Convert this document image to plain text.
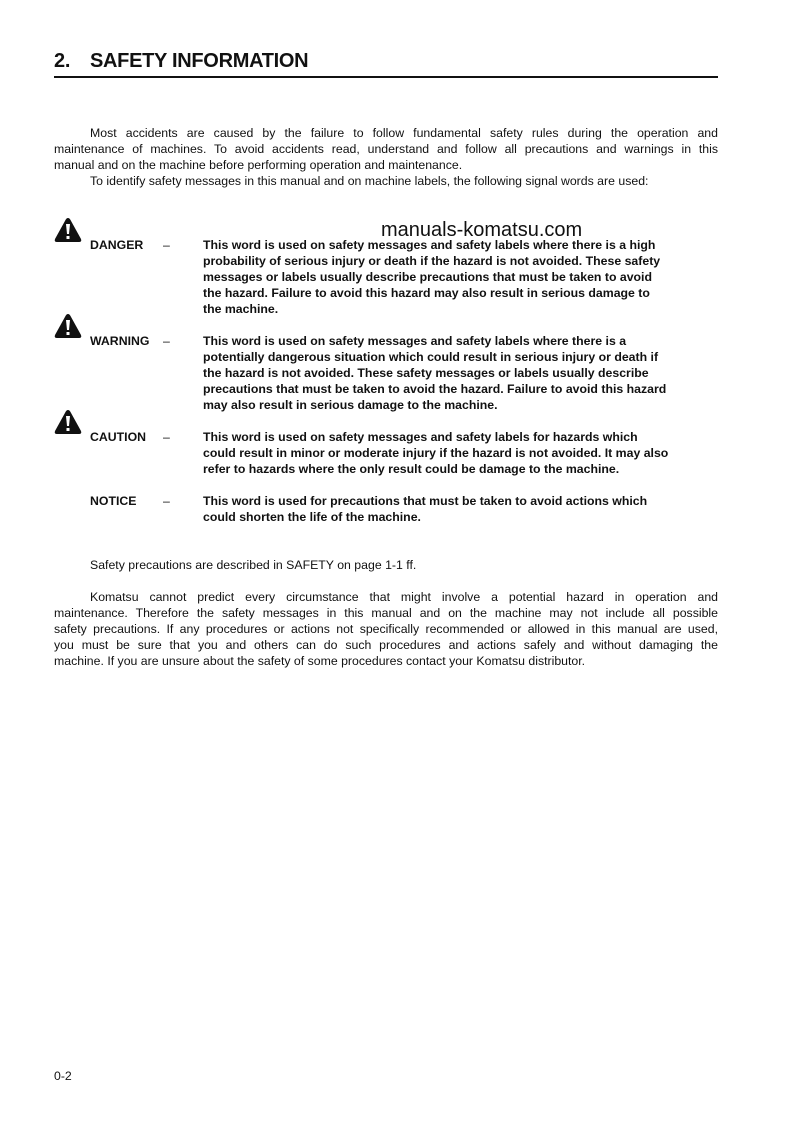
2. SAFETY INFORMATION
Most accidents are caused by the failure to follow fundamental safety rules during the operation and
maintenance of machines. To avoid accidents read, understand and follow all precautions and warnings in this
manual and on the machine before performing operation and maintenance.
To identify safety messages in this manual and on machine labels, the following signal words are used:
manuals-komatsu.com
DANGER –	This word is used on safety messages and safety labels where there is a high
probability of serious injury or death if the hazard is not avoided. These safety
messages or labels usually describe precautions that must be taken to avoid
the hazard. Failure to avoid this hazard may also result in serious damage to
the machine.
WARNING –	This word is used on safety messages and safety labels where there is a
potentially dangerous situation which could result in serious injury or death if
the hazard is not avoided. These safety messages or labels usually describe
precautions that must be taken to avoid the hazard. Failure to avoid this hazard
may also result in serious damage to the machine.
CAUTION –	This word is used on safety messages and safety labels for hazards which
could result in minor or moderate injury if the hazard is not avoided. It may also
refer to hazards where the only result could be damage to the machine.
NOTICE –	This word is used for precautions that must be taken to avoid actions which
could shorten the life of the machine.
Safety precautions are described in SAFETY on page 1-1 ff.
Komatsu cannot predict every circumstance that might involve a potential hazard in operation and
maintenance. Therefore the safety messages in this manual and on the machine may not include all possible
safety precautions. If any procedures or actions not specifically recommended or allowed in this manual are used,
you must be sure that you and others can do such procedures and actions safely and without damaging the
machine. If you are unsure about the safety of some procedures contact your Komatsu distributor.
0-2
